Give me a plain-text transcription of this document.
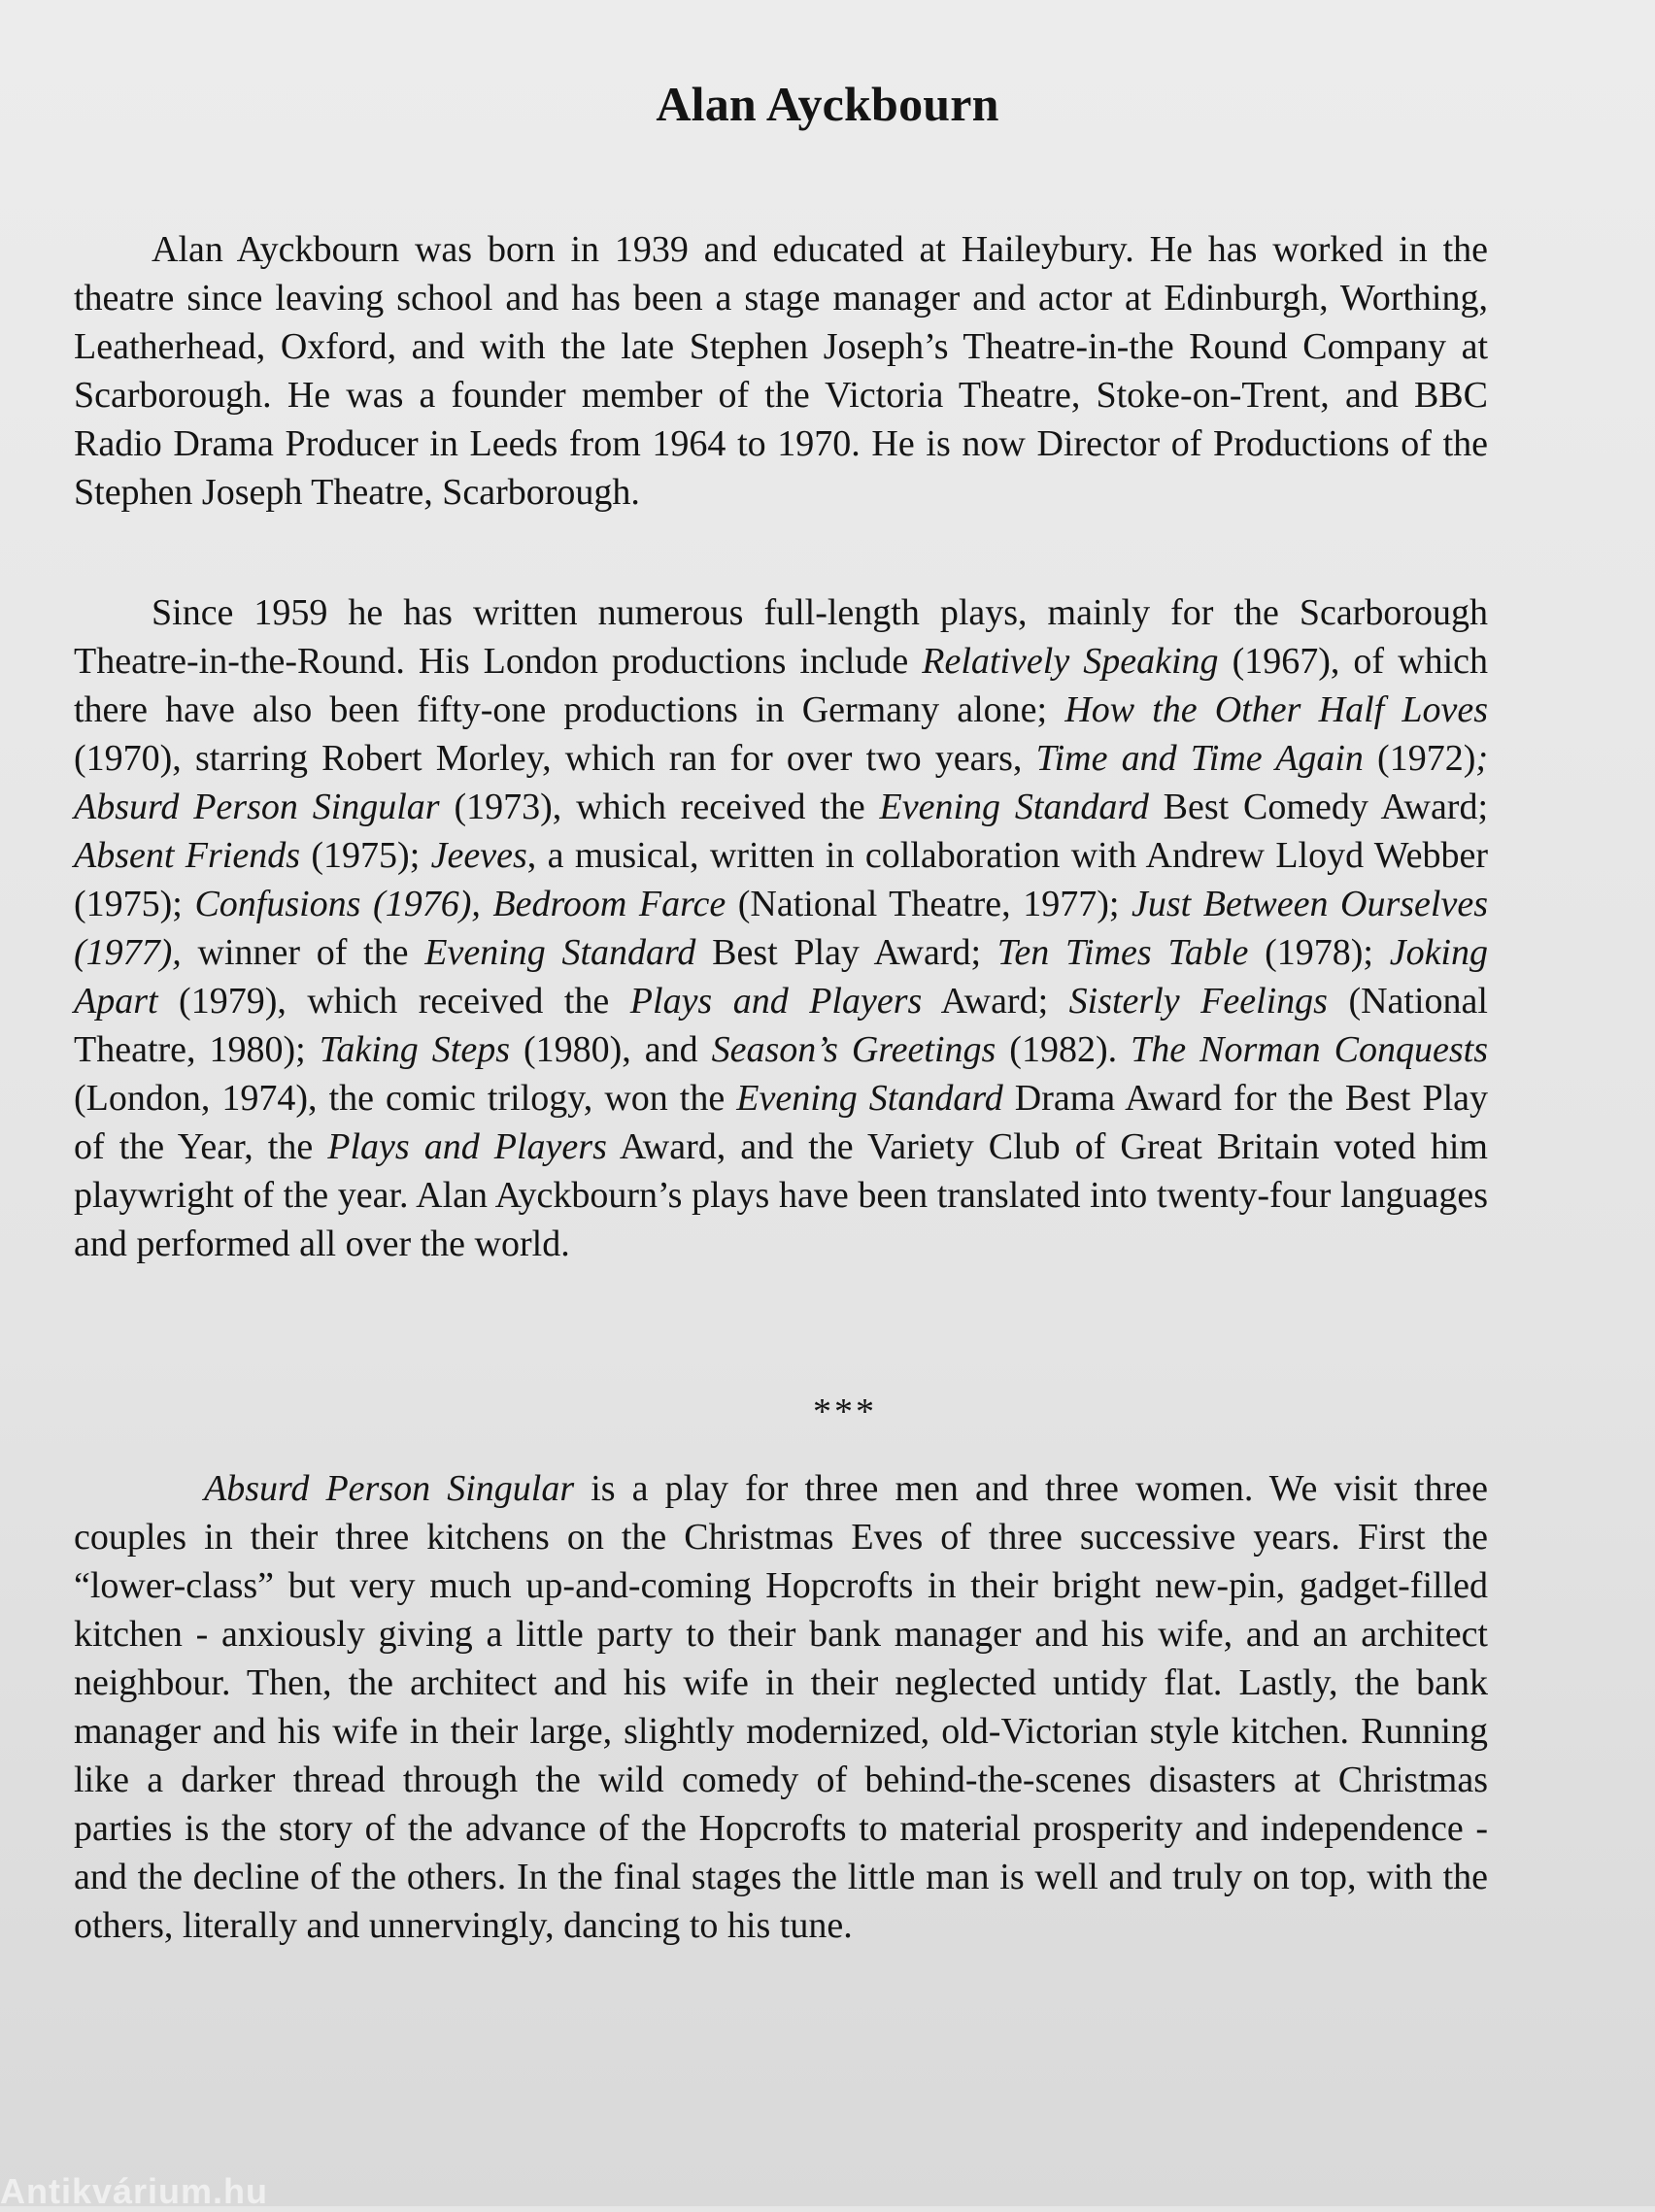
Alan Ayckbourn

Alan Ayckbourn was born in 1939 and educated at Haileybury. He has worked in the theatre since leaving school and has been a stage manager and actor at Edinburgh, Worthing, Leatherhead, Oxford, and with the late Stephen Joseph’s Theatre-in-the Round Company at Scarborough. He was a founder member of the Victoria Theatre, Stoke-on-Trent, and BBC Radio Drama Producer in Leeds from 1964 to 1970. He is now Director of Productions of the Stephen Joseph Theatre, Scarborough.

Since 1959 he has written numerous full-length plays, mainly for the Scarborough Theatre-in-the-Round. His London productions include Relatively Speaking (1967), of which there have also been fifty-one productions in Germany alone; How the Other Half Loves (1970), starring Robert Morley, which ran for over two years, Time and Time Again (1972); Absurd Person Singular (1973), which received the Evening Standard Best Comedy Award; Absent Friends (1975); Jeeves, a musical, written in collaboration with Andrew Lloyd Webber (1975); Confusions (1976), Bedroom Farce (National Theatre, 1977); Just Between Ourselves (1977), winner of the Evening Standard Best Play Award; Ten Times Table (1978); Joking Apart (1979), which received the Plays and Players Award; Sisterly Feelings (National Theatre, 1980); Taking Steps (1980), and Season’s Greetings (1982). The Norman Conquests (London, 1974), the comic trilogy, won the Evening Standard Drama Award for the Best Play of the Year, the Plays and Players Award, and the Variety Club of Great Britain voted him playwright of the year. Alan Ayckbourn’s plays have been translated into twenty-four languages and performed all over the world.

***

Absurd Person Singular is a play for three men and three women. We visit three couples in their three kitchens on the Christmas Eves of three successive years. First the “lower-class” but very much up-and-coming Hopcrofts in their bright new-pin, gadget-filled kitchen - anxiously giving a little party to their bank manager and his wife, and an architect neighbour. Then, the architect and his wife in their neglected untidy flat. Lastly, the bank manager and his wife in their large, slightly modernized, old-Victorian style kitchen. Running like a darker thread through the wild comedy of behind-the-scenes disasters at Christmas parties is the story of the advance of the Hopcrofts to material prosperity and independence - and the decline of the others. In the final stages the little man is well and truly on top, with the others, literally and unnervingly, dancing to his tune.

Antikvárium.hu
